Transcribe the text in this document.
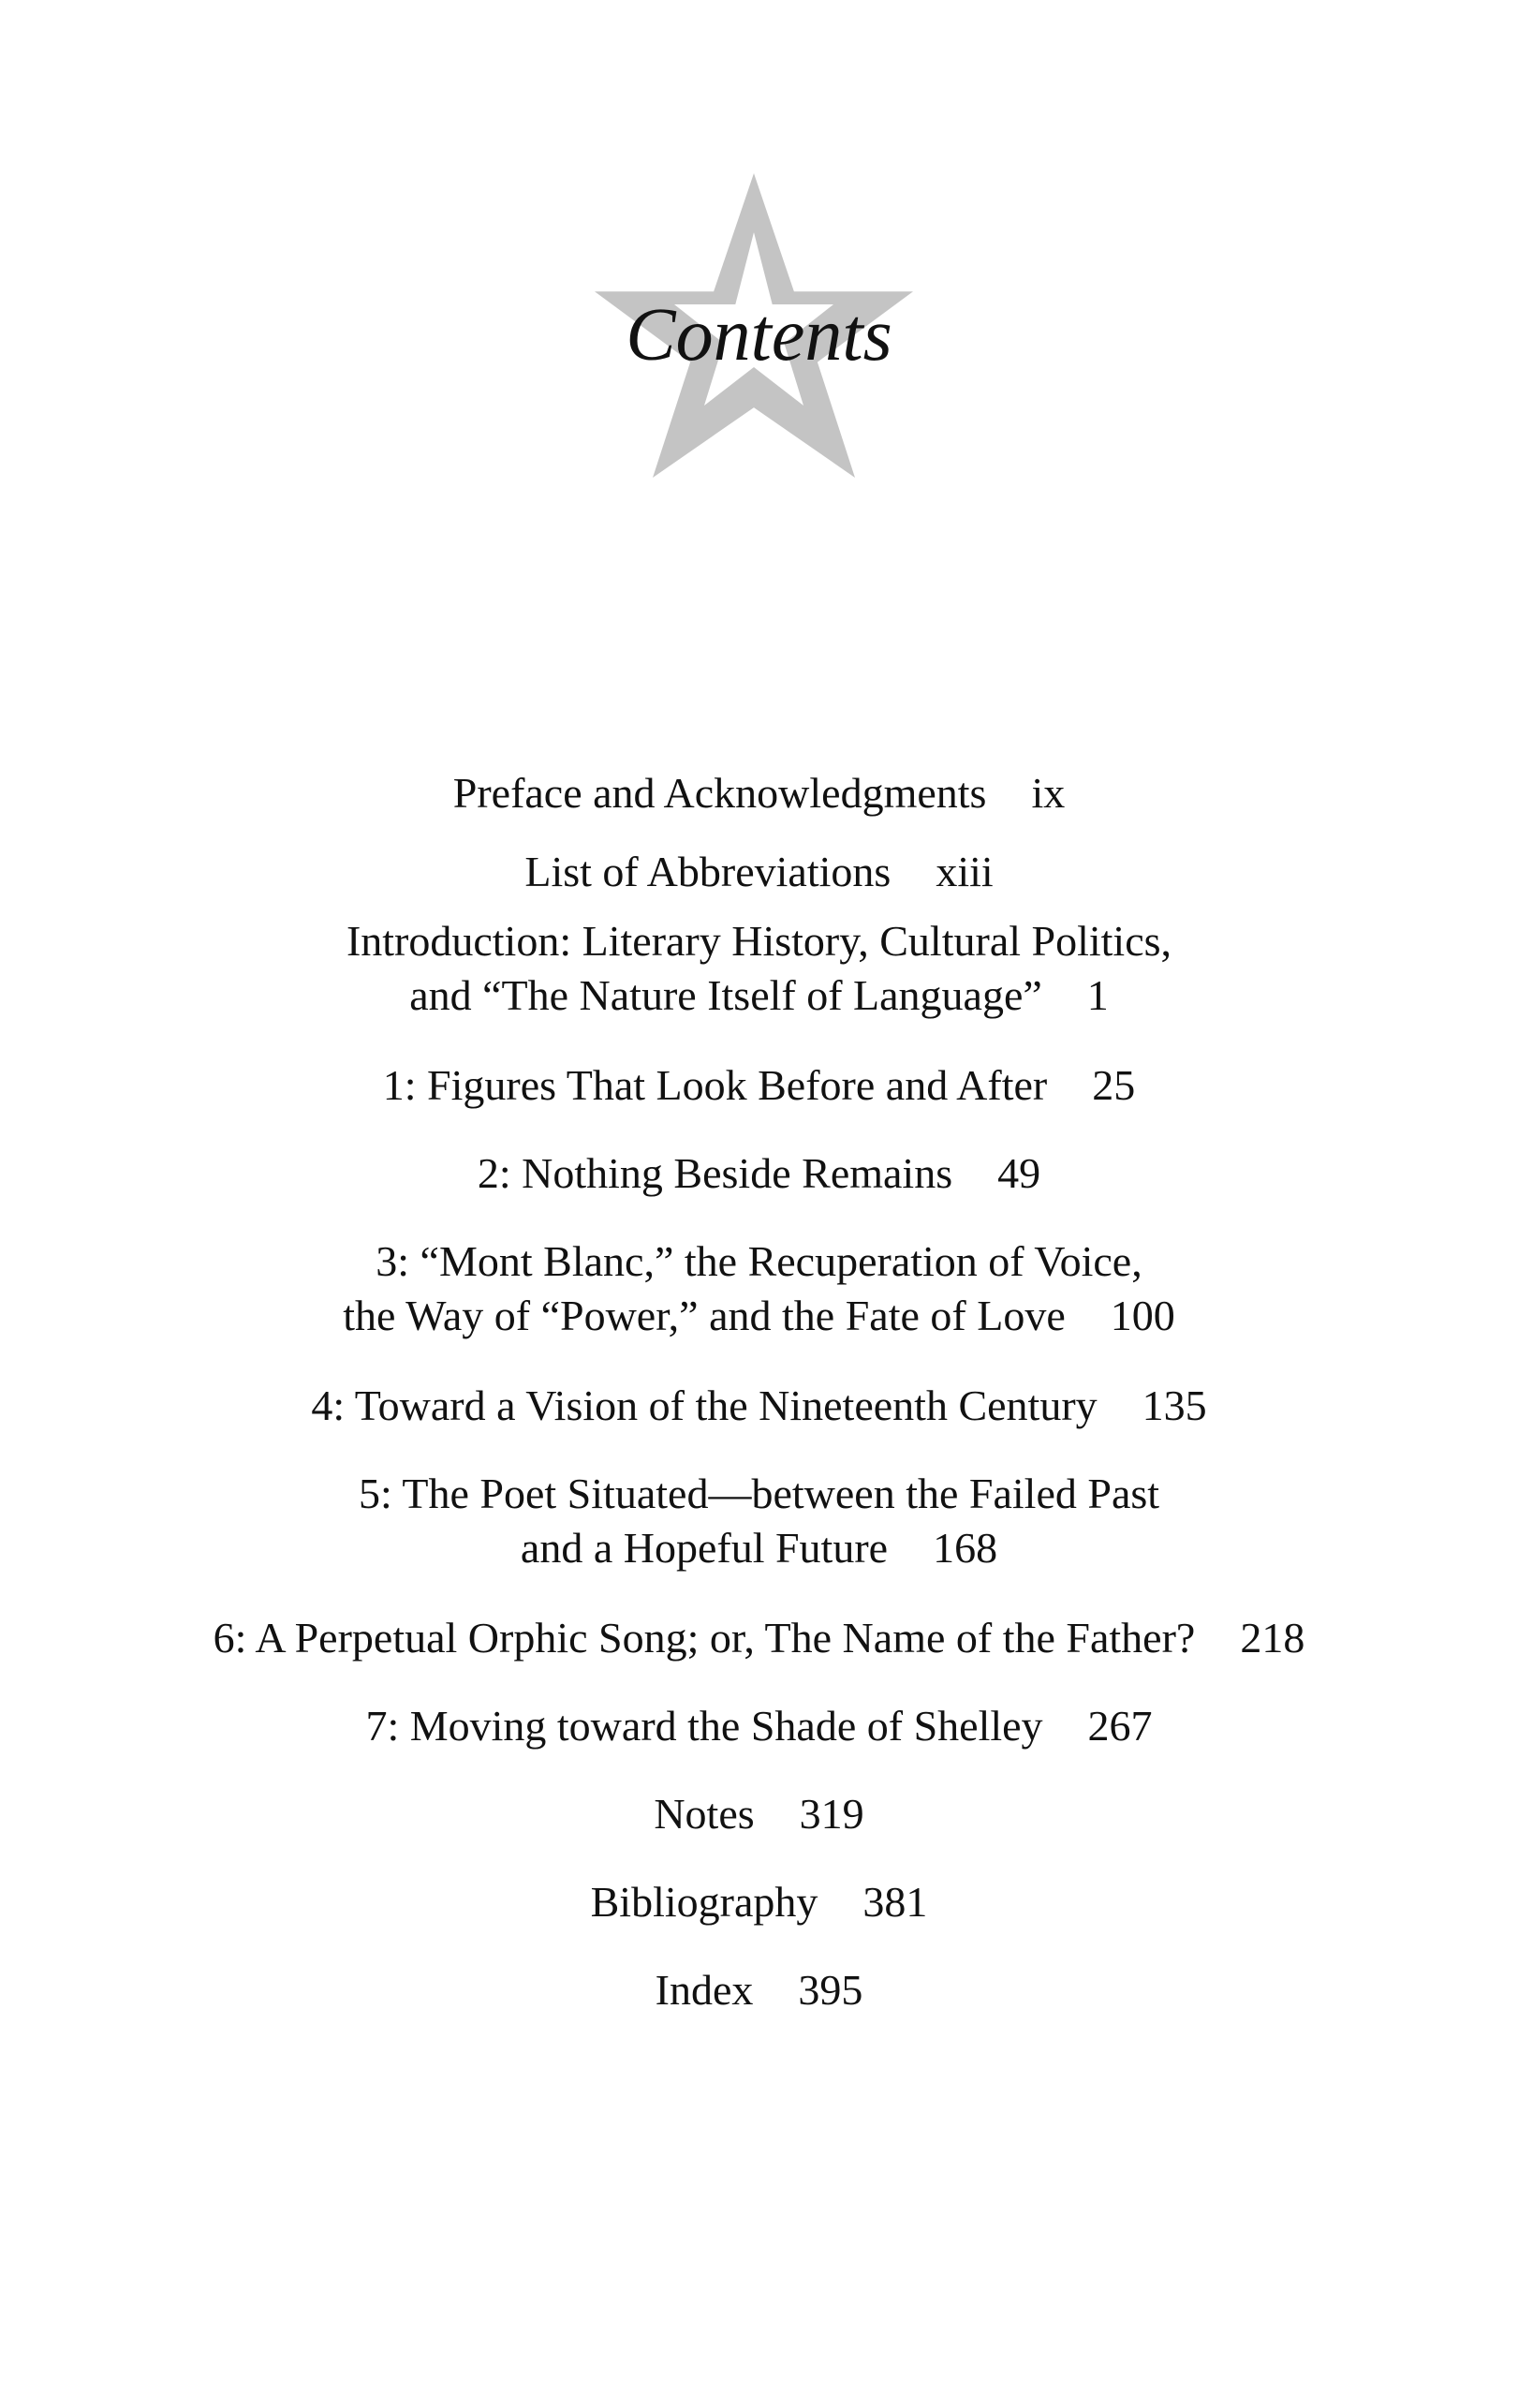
Contents
Preface and Acknowledgments ix
List of Abbreviations xiii
Introduction: Literary History, Cultural Politics,
and “The Nature Itself of Language” 1
1: Figures That Look Before and After 25
2: Nothing Beside Remains 49
3: “Mont Blanc,” the Recuperation of Voice,
the Way of “Power,” and the Fate of Love 100
4: Toward a Vision of the Nineteenth Century 135
5: The Poet Situated—between the Failed Past
and a Hopeful Future 168
6: A Perpetual Orphic Song; or, The Name of the Father? 218
7: Moving toward the Shade of Shelley 267
Notes 319
Bibliography 381
Index 395
